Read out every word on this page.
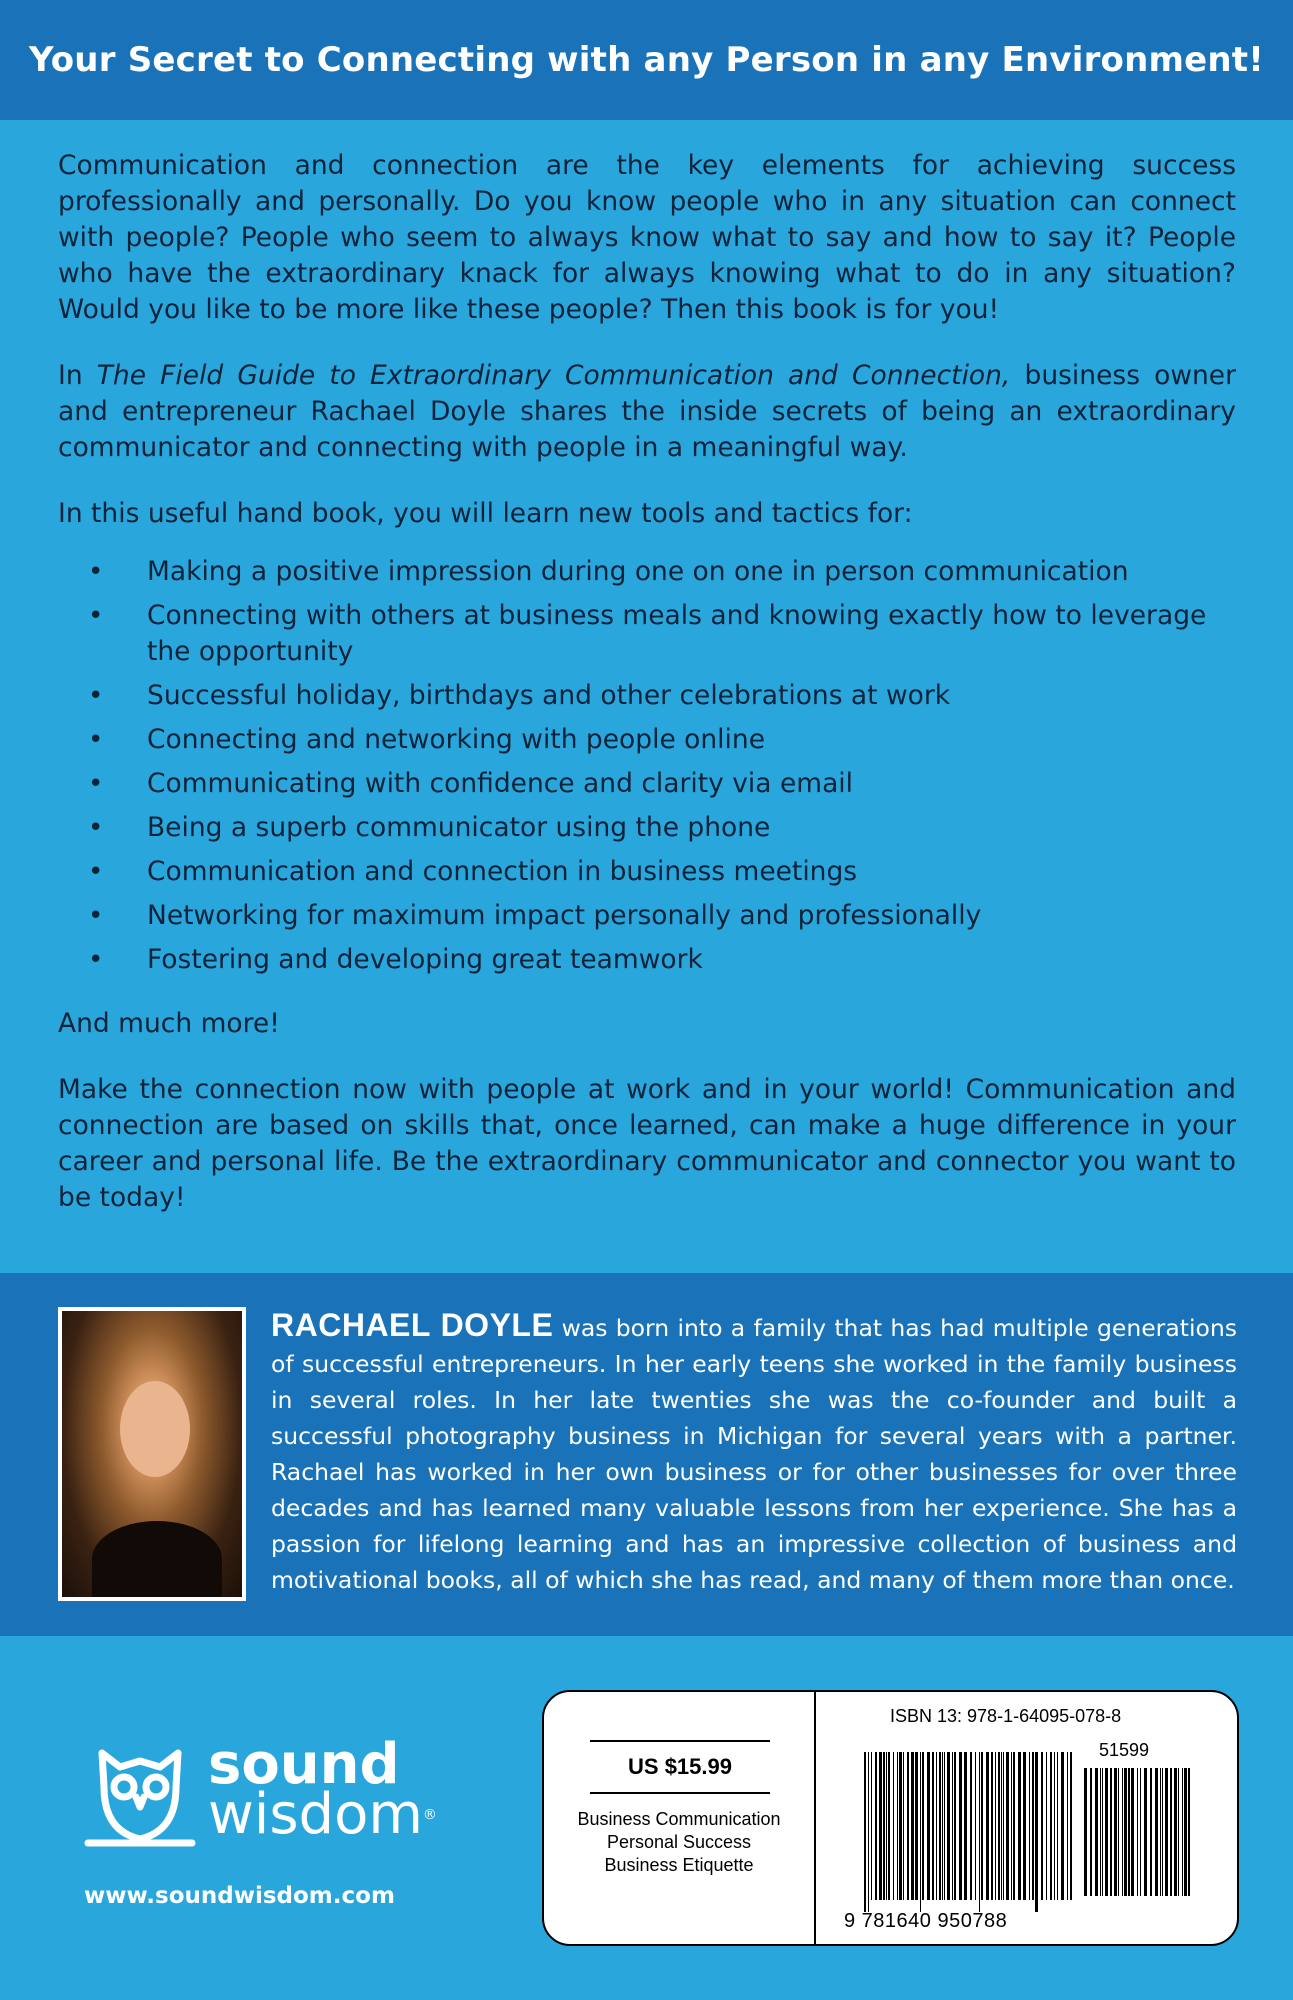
Your Secret to Connecting with any Person in any Environment!

Communication and connection are the key elements for achieving success professionally and personally. Do you know people who in any situation can connect with people? People who seem to always know what to say and how to say it? People who have the extraordinary knack for always knowing what to do in any situation? Would you like to be more like these people? Then this book is for you!

In The Field Guide to Extraordinary Communication and Connection, business owner and entrepreneur Rachael Doyle shares the inside secrets of being an extraordinary communicator and connecting with people in a meaningful way.

In this useful hand book, you will learn new tools and tactics for:

• Making a positive impression during one on one in person communication
• Connecting with others at business meals and knowing exactly how to leverage the opportunity
• Successful holiday, birthdays and other celebrations at work
• Connecting and networking with people online
• Communicating with confidence and clarity via email
• Being a superb communicator using the phone
• Communication and connection in business meetings
• Networking for maximum impact personally and professionally
• Fostering and developing great teamwork

And much more!

Make the connection now with people at work and in your world! Communication and connection are based on skills that, once learned, can make a huge difference in your career and personal life. Be the extraordinary communicator and connector you want to be today!

RACHAEL DOYLE was born into a family that has had multiple generations of successful entrepreneurs. In her early teens she worked in the family business in several roles. In her late twenties she was the co-founder and built a successful photography business in Michigan for several years with a partner. Rachael has worked in her own business or for other businesses for over three decades and has learned many valuable lessons from her experience. She has a passion for lifelong learning and has an impressive collection of business and motivational books, all of which she has read, and many of them more than once.
sound
wisdom®
www.soundwisdom.com
US $15.99
Business Communication
Personal Success
Business Etiquette
ISBN 13: 978-1-64095-078-8
51599
9 781640 950788
